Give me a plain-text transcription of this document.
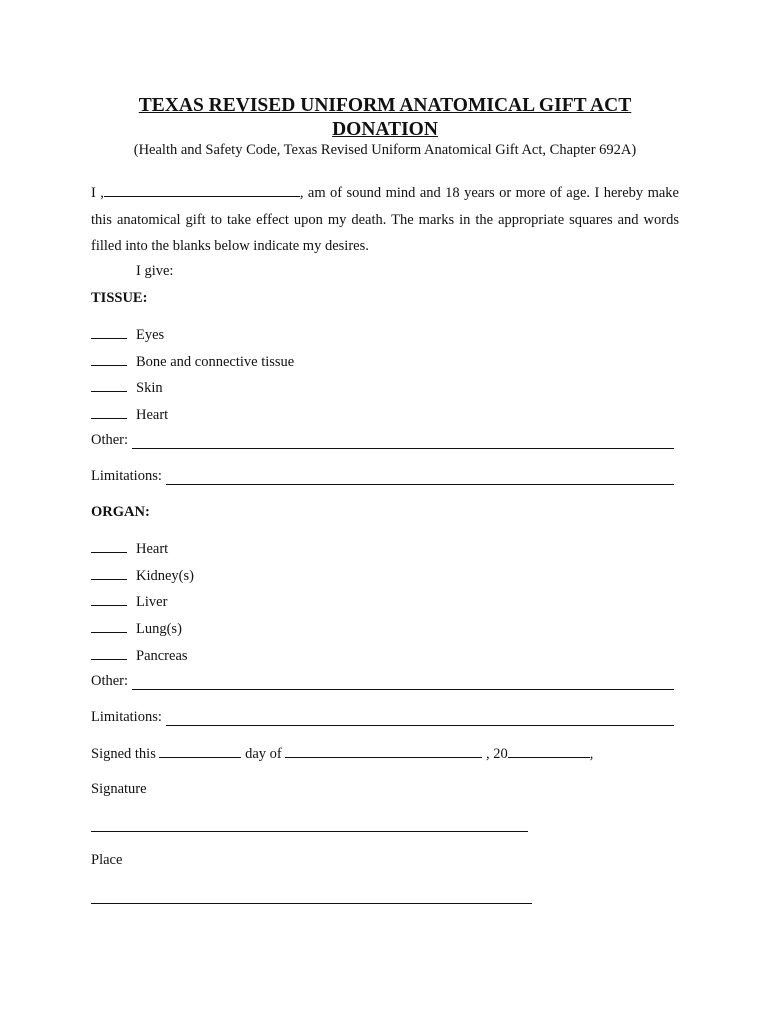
TEXAS REVISED UNIFORM ANATOMICAL GIFT ACT
DONATION
(Health and Safety Code, Texas Revised Uniform Anatomical Gift Act, Chapter 692A)
I ,	, am of sound mind and 18 years or more of age. I hereby make this anatomical gift to take effect upon my death. The marks in the appropriate squares and words filled into the blanks below indicate my desires.
I give:
TISSUE:
Eyes
Bone and connective tissue
Skin
Heart
Other:
Limitations:
ORGAN:
Heart
Kidney(s)
Liver
Lung(s)
Pancreas
Other:
Limitations:
Signed this	day of	, 20	,
Signature
Place
